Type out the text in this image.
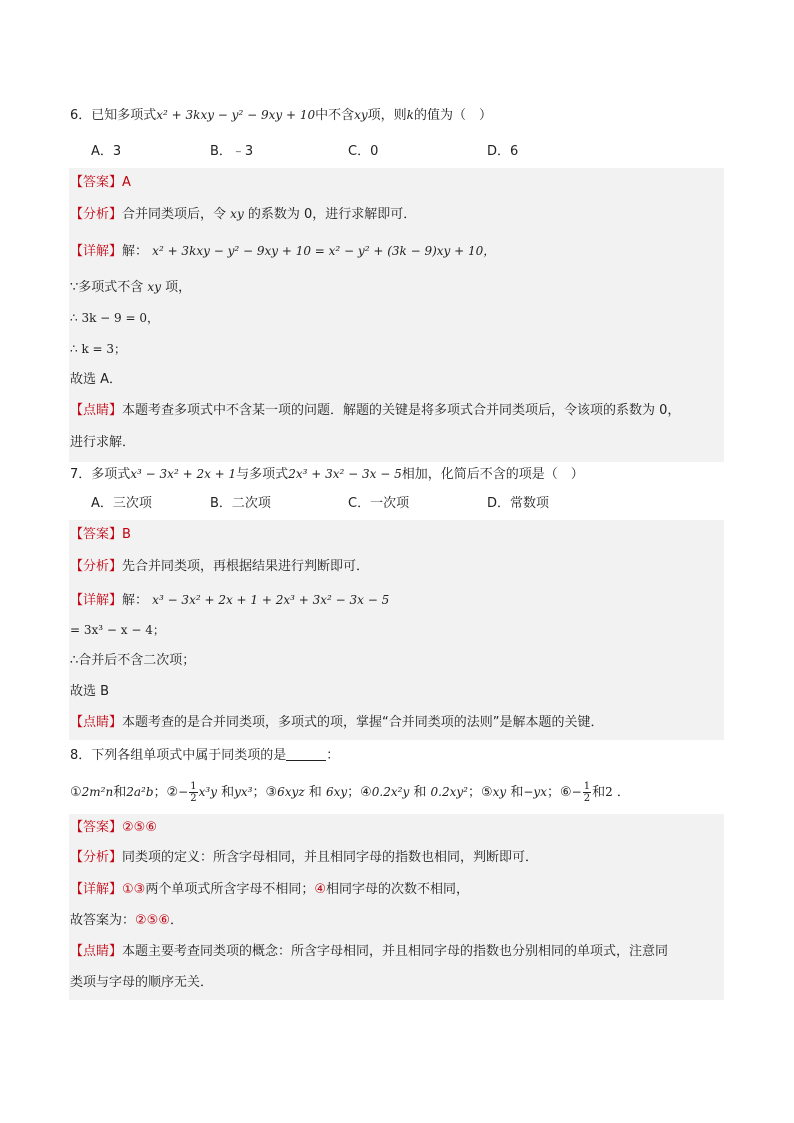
6．已知多项式x² + 3kxy − y² − 9xy + 10中不含xy项，则k的值为（　）
A．3	B．﹣3	C．0	D．6
【答案】A
【分析】合并同类项后，令 xy 的系数为 0，进行求解即可．
【详解】解： x² + 3kxy − y² − 9xy + 10 = x² − y² + (3k − 9)xy + 10，
∵多项式不含 xy 项，
∴ 3k − 9 = 0，
∴ k = 3；
故选 A．
【点睛】本题考查多项式中不含某一项的问题．解题的关键是将多项式合并同类项后，令该项的系数为 0，
进行求解．
7．多项式x³ − 3x² + 2x + 1与多项式2x³ + 3x² − 3x − 5相加，化简后不含的项是（　）
A．三次项	B．二次项	C．一次项	D．常数项
【答案】B
【分析】先合并同类项，再根据结果进行判断即可．
【详解】解： x³ − 3x² + 2x + 1 + 2x³ + 3x² − 3x − 5
= 3x³ − x − 4；
∴合并后不含二次项；
故选 B
【点睛】本题考查的是合并同类项，多项式的项，掌握“合并同类项的法则”是解本题的关键．
8．下列各组单项式中属于同类项的是	：
①2m²n和2a²b；②− $\frac{1}{2} x^3y$ 和yx³；③6xyz 和 6xy；④0.2x²y 和 0.2xy²；⑤xy 和−yx；⑥− $\frac{1}{2}$ 和2 ．
【答案】②⑤⑥
【分析】同类项的定义：所含字母相同，并且相同字母的指数也相同，判断即可．
【详解】①③两个单项式所含字母不相同；④相同字母的次数不相同，
故答案为：②⑤⑥．
【点睛】本题主要考查同类项的概念：所含字母相同，并且相同字母的指数也分别相同的单项式，注意同
类项与字母的顺序无关．
